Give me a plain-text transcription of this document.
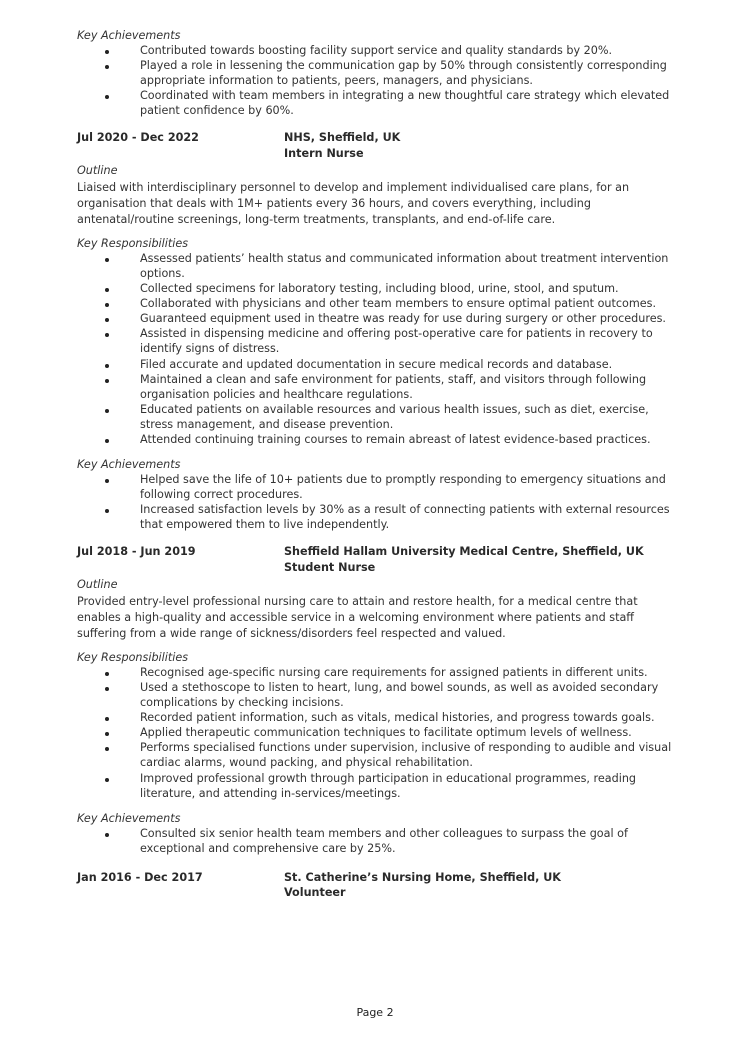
Key Achievements

Contributed towards boosting facility support service and quality standards by 20%.
Played a role in lessening the communication gap by 50% through consistently corresponding appropriate information to patients, peers, managers, and physicians.
Coordinated with team members in integrating a new thoughtful care strategy which elevated patient confidence by 60%.
Jul 2020 - Dec 2022	NHS, Sheffield, UK
Intern Nurse

Outline

Liaised with interdisciplinary personnel to develop and implement individualised care plans, for an organisation that deals with 1M+ patients every 36 hours, and covers everything, including antenatal/routine screenings, long-term treatments, transplants, and end-of-life care.

Key Responsibilities

Assessed patients’ health status and communicated information about treatment intervention options.
Collected specimens for laboratory testing, including blood, urine, stool, and sputum.
Collaborated with physicians and other team members to ensure optimal patient outcomes.
Guaranteed equipment used in theatre was ready for use during surgery or other procedures.
Assisted in dispensing medicine and offering post-operative care for patients in recovery to identify signs of distress.
Filed accurate and updated documentation in secure medical records and database.
Maintained a clean and safe environment for patients, staff, and visitors through following organisation policies and healthcare regulations.
Educated patients on available resources and various health issues, such as diet, exercise, stress management, and disease prevention.
Attended continuing training courses to remain abreast of latest evidence-based practices.

Key Achievements

Helped save the life of 10+ patients due to promptly responding to emergency situations and following correct procedures.
Increased satisfaction levels by 30% as a result of connecting patients with external resources that empowered them to live independently.
Jul 2018 - Jun 2019	Sheffield Hallam University Medical Centre, Sheffield, UK
Student Nurse

Outline

Provided entry-level professional nursing care to attain and restore health, for a medical centre that enables a high-quality and accessible service in a welcoming environment where patients and staff suffering from a wide range of sickness/disorders feel respected and valued.

Key Responsibilities

Recognised age-specific nursing care requirements for assigned patients in different units.
Used a stethoscope to listen to heart, lung, and bowel sounds, as well as avoided secondary complications by checking incisions.
Recorded patient information, such as vitals, medical histories, and progress towards goals.
Applied therapeutic communication techniques to facilitate optimum levels of wellness.
Performs specialised functions under supervision, inclusive of responding to audible and visual cardiac alarms, wound packing, and physical rehabilitation.
Improved professional growth through participation in educational programmes, reading literature, and attending in-services/meetings.

Key Achievements

Consulted six senior health team members and other colleagues to surpass the goal of exceptional and comprehensive care by 25%.
Jan 2016 - Dec 2017	St. Catherine’s Nursing Home, Sheffield, UK
Volunteer
Page 2
